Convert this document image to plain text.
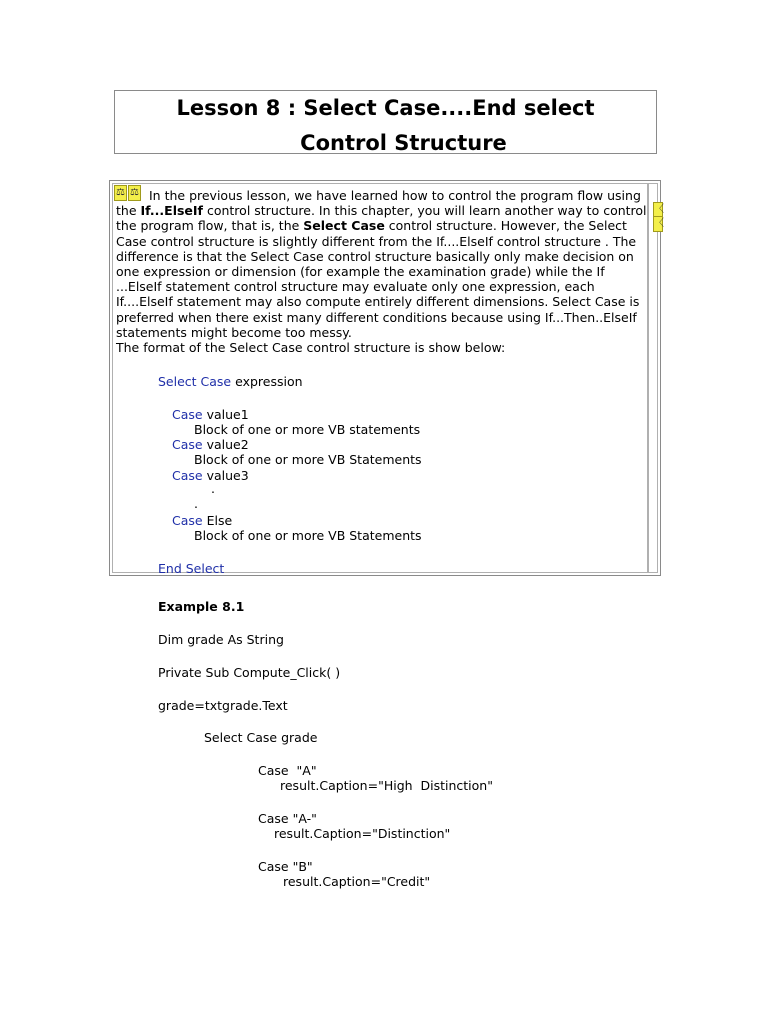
Lesson 8 : Select Case....End select
Control Structure
⚖ ⚖ In the previous lesson, we have learned how to control the program flow using the If...ElseIf control structure. In this chapter, you will learn another way to control the program flow, that is, the Select Case control structure. However, the Select Case control structure is slightly different from the If....ElseIf control structure . The difference is that the Select Case control structure basically only make decision on one expression or dimension (for example the examination grade) while the If ...ElseIf statement control structure may evaluate only one expression, each If....ElseIf statement may also compute entirely different dimensions. Select Case is preferred when there exist many different conditions because using If...Then..ElseIf statements might become too messy.
The format of the Select Case control structure is show below:

Select Case expression
Case value1
Block of one or more VB statements
Case value2
Block of one or more VB Statements
Case value3
.
.
Case Else
Block of one or more VB Statements
End Select
〈
〈
Example 8.1
Dim grade As String
Private Sub Compute_Click( )
grade=txtgrade.Text
Select Case grade
Case  "A"
result.Caption="High  Distinction"
Case "A-"
result.Caption="Distinction"
Case "B"
result.Caption="Credit"
